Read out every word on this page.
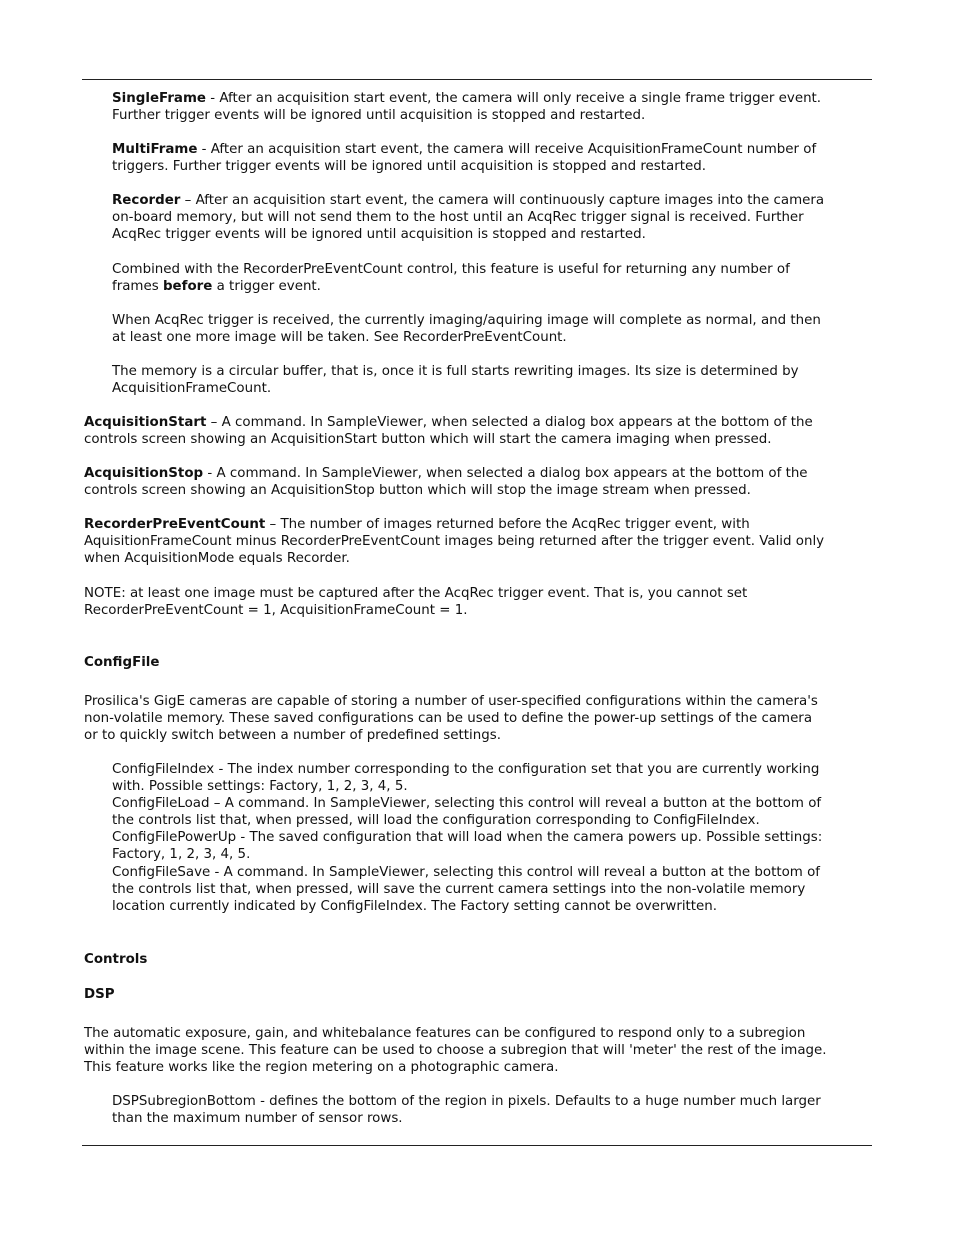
SingleFrame - After an acquisition start event, the camera will only receive a single frame trigger event.
Further trigger events will be ignored until acquisition is stopped and restarted.
MultiFrame - After an acquisition start event, the camera will receive AcquisitionFrameCount number of
triggers. Further trigger events will be ignored until acquisition is stopped and restarted.
Recorder – After an acquisition start event, the camera will continuously capture images into the camera
on-board memory, but will not send them to the host until an AcqRec trigger signal is received. Further
AcqRec trigger events will be ignored until acquisition is stopped and restarted.
Combined with the RecorderPreEventCount control, this feature is useful for returning any number of
frames before a trigger event.
When AcqRec trigger is received, the currently imaging/aquiring image will complete as normal, and then
at least one more image will be taken. See RecorderPreEventCount.
The memory is a circular buffer, that is, once it is full starts rewriting images. Its size is determined by
AcquisitionFrameCount.
AcquisitionStart – A command. In SampleViewer, when selected a dialog box appears at the bottom of the
controls screen showing an AcquisitionStart button which will start the camera imaging when pressed.
AcquisitionStop - A command. In SampleViewer, when selected a dialog box appears at the bottom of the
controls screen showing an AcquisitionStop button which will stop the image stream when pressed.
RecorderPreEventCount – The number of images returned before the AcqRec trigger event, with
AquisitionFrameCount minus RecorderPreEventCount images being returned after the trigger event. Valid only
when AcquisitionMode equals Recorder.
NOTE: at least one image must be captured after the AcqRec trigger event. That is, you cannot set
RecorderPreEventCount = 1, AcquisitionFrameCount = 1.
ConfigFile
Prosilica's GigE cameras are capable of storing a number of user-specified configurations within the camera's
non-volatile memory. These saved configurations can be used to define the power-up settings of the camera
or to quickly switch between a number of predefined settings.
ConfigFileIndex - The index number corresponding to the configuration set that you are currently working
with. Possible settings: Factory, 1, 2, 3, 4, 5.
ConfigFileLoad – A command. In SampleViewer, selecting this control will reveal a button at the bottom of
the controls list that, when pressed, will load the configuration corresponding to ConfigFileIndex.
ConfigFilePowerUp - The saved configuration that will load when the camera powers up. Possible settings:
Factory, 1, 2, 3, 4, 5.
ConfigFileSave - A command. In SampleViewer, selecting this control will reveal a button at the bottom of
the controls list that, when pressed, will save the current camera settings into the non-volatile memory
location currently indicated by ConfigFileIndex. The Factory setting cannot be overwritten.
Controls
DSP
The automatic exposure, gain, and whitebalance features can be configured to respond only to a subregion
within the image scene. This feature can be used to choose a subregion that will 'meter' the rest of the image.
This feature works like the region metering on a photographic camera.
DSPSubregionBottom - defines the bottom of the region in pixels. Defaults to a huge number much larger
than the maximum number of sensor rows.
